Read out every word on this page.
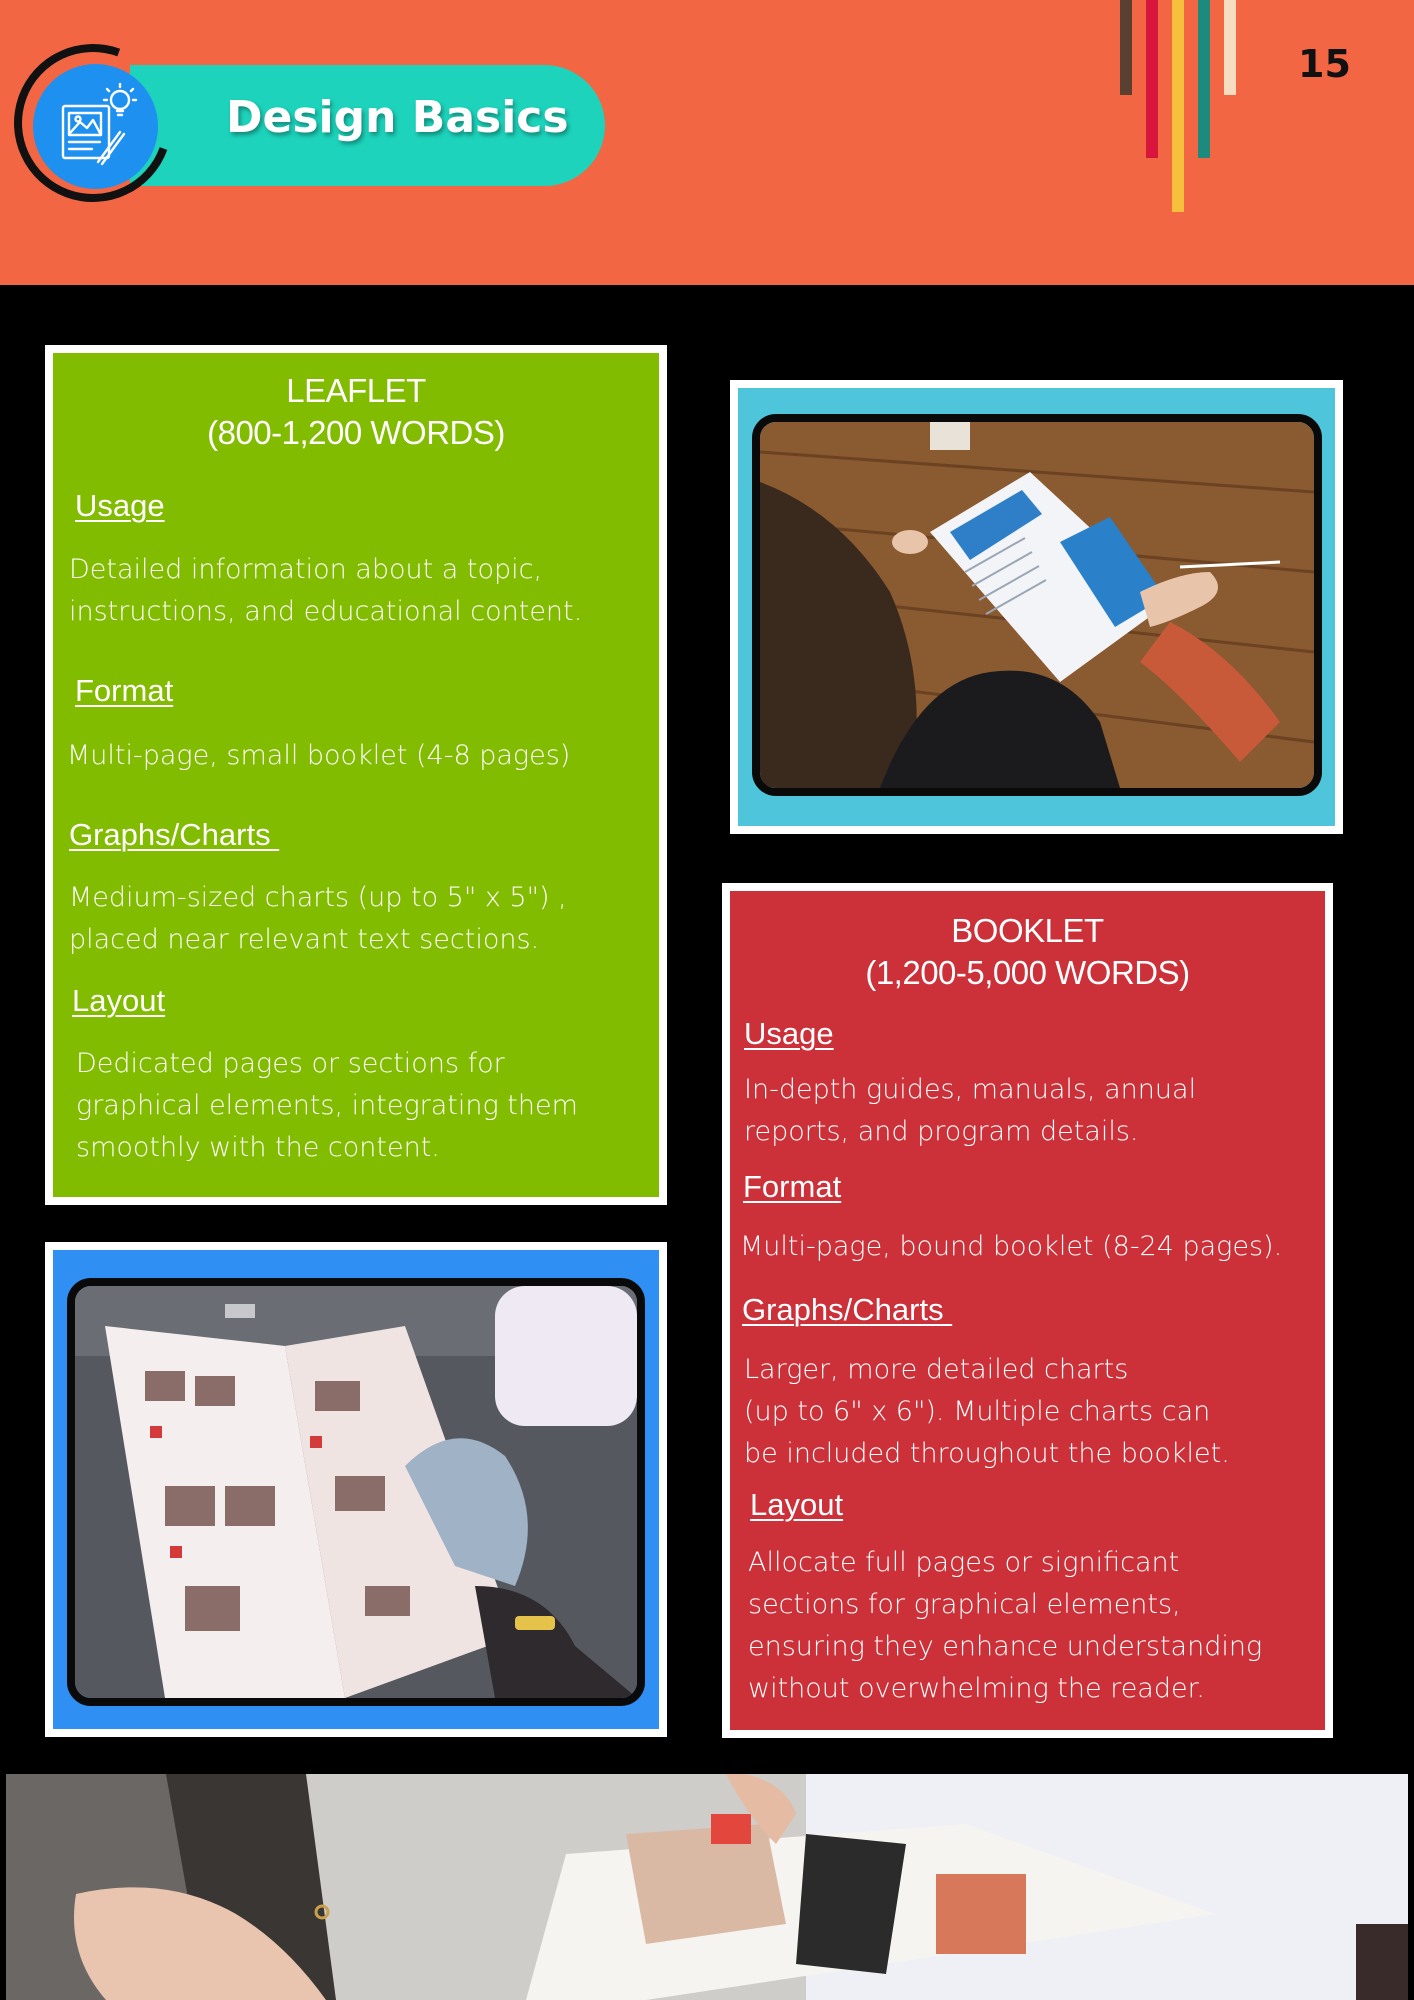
Design Basics
15
LEAFLET
(800-1,200 WORDS)
Usage
Detailed information about a topic,
instructions, and educational content.
Format
Multi-page, small booklet (4-8 pages)
Graphs/Charts
Medium-sized charts (up to 5" x 5") ,
placed near relevant text sections.
Layout
Dedicated pages or sections for
graphical elements, integrating them
smoothly with the content.
BOOKLET
(1,200-5,000 WORDS)
Usage
In-depth guides, manuals, annual
reports, and program details.
Format
Multi-page, bound booklet (8-24 pages).
Graphs/Charts
Larger, more detailed charts
(up to 6" x 6"). Multiple charts can
be included throughout the booklet.
Layout
Allocate full pages or significant
sections for graphical elements,
ensuring they enhance understanding
without overwhelming the reader.
